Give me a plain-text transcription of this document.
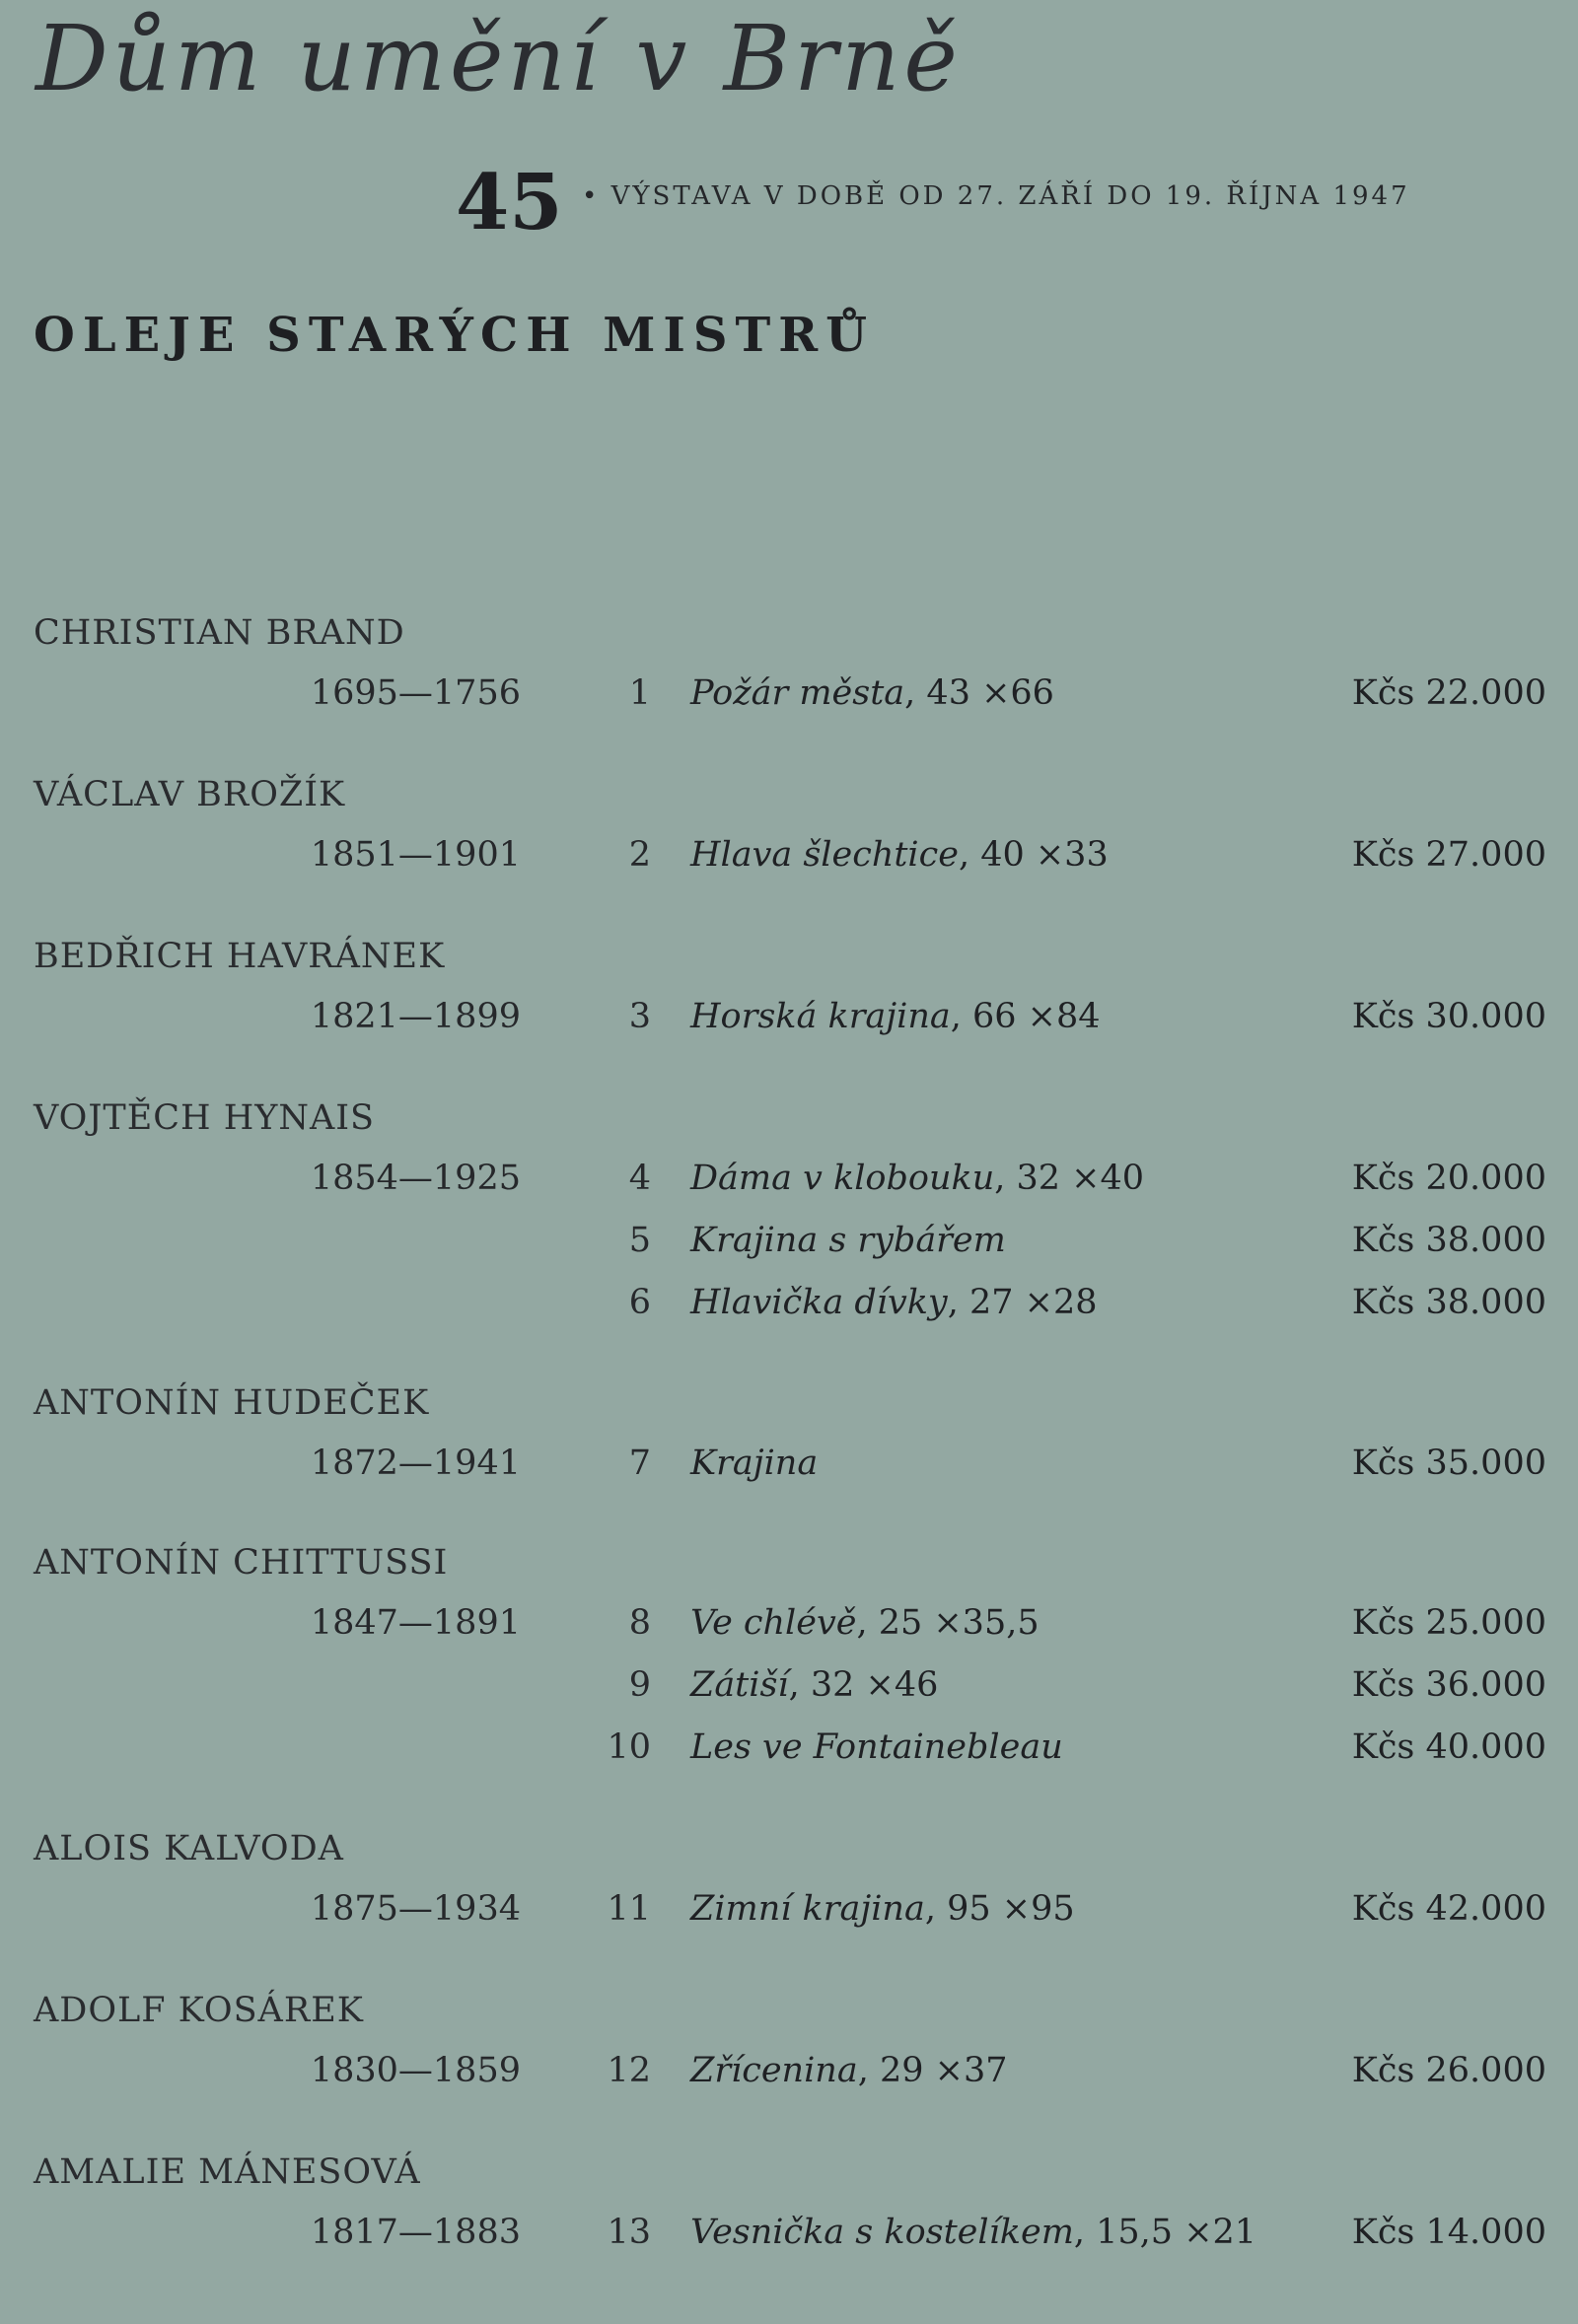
Dům umění v Brně
45 • VÝSTAVA V DOBĚ OD 27. ZÁŘÍ DO 19. ŘÍJNA 1947
OLEJE STARÝCH MISTRŮ
CHRISTIAN BRAND
1695—1756	1 Požár města, 43 ×66	Kčs 22.000
VÁCLAV BROŽÍK
1851—1901	2 Hlava šlechtice, 40 ×33	Kčs 27.000
BEDŘICH HAVRÁNEK
1821—1899	3 Horská krajina, 66 ×84	Kčs 30.000
VOJTĚCH HYNAIS
1854—1925	4 Dáma v klobouku, 32 ×40	Kčs 20.000
5 Krajina s rybářem	Kčs 38.000
6 Hlavička dívky, 27 ×28	Kčs 38.000
ANTONÍN HUDEČEK
1872—1941	7 Krajina	Kčs 35.000
ANTONÍN CHITTUSSI
1847—1891	8 Ve chlévě, 25 ×35,5	Kčs 25.000
9 Zátiší, 32 ×46	Kčs 36.000
10 Les ve Fontainebleau	Kčs 40.000
ALOIS KALVODA
1875—1934 11 Zimní krajina, 95 ×95	Kčs 42.000
ADOLF KOSÁREK
1830—1859 12 Zřícenina, 29 ×37	Kčs 26.000
AMALIE MÁNESOVÁ
1817—1883 13 Vesnička s kostelíkem, 15,5 ×21	Kčs 14.000
